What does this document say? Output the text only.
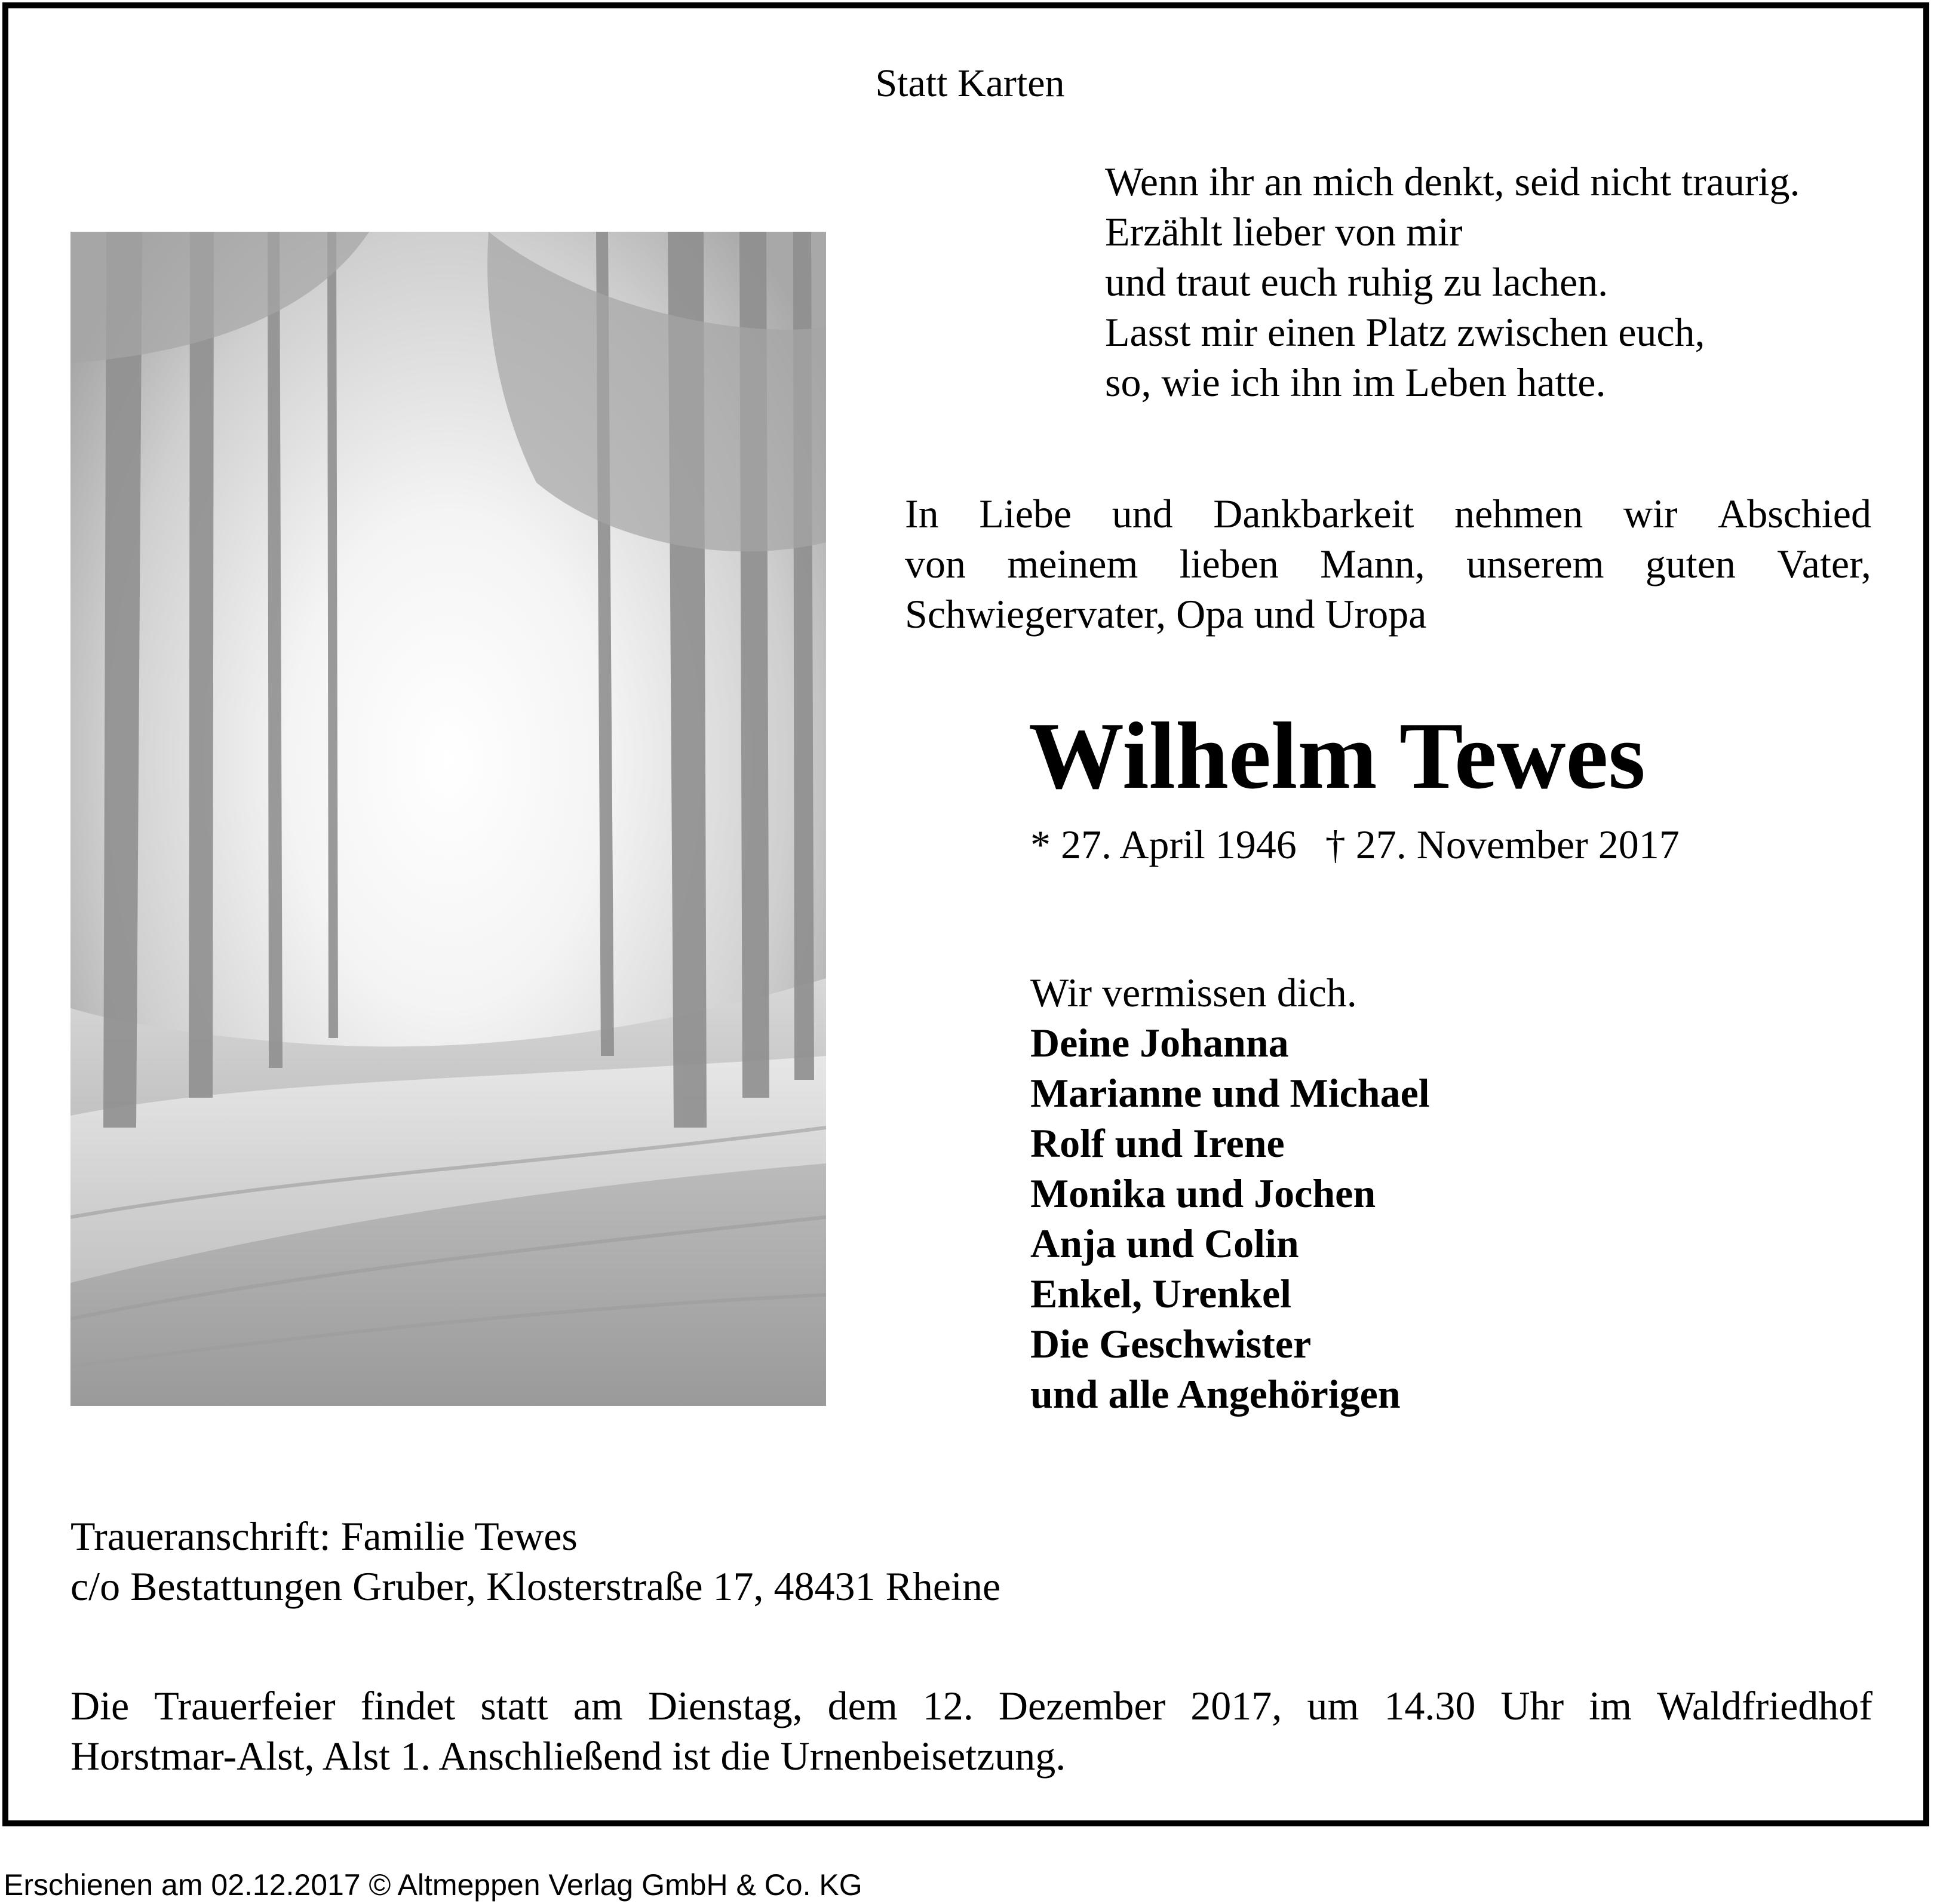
Statt Karten
Wenn ihr an mich denkt, seid nicht traurig.
Erzählt lieber von mir
und traut euch ruhig zu lachen.
Lasst mir einen Platz zwischen euch,
so, wie ich ihn im Leben hatte.
In Liebe und Dankbarkeit nehmen wir Abschied
von meinem lieben Mann, unserem guten Vater,
Schwiegervater, Opa und Uropa
Wilhelm Tewes
* 27. April 1946 † 27. November 2017
Wir vermissen dich.
Deine Johanna
Marianne und Michael
Rolf und Irene
Monika und Jochen
Anja und Colin
Enkel, Urenkel
Die Geschwister
und alle Angehörigen
Traueranschrift: Familie Tewes
c/o Bestattungen Gruber, Klosterstraße 17, 48431 Rheine
Die Trauerfeier findet statt am Dienstag, dem 12. Dezember 2017, um 14.30 Uhr im Waldfriedhof
Horstmar-Alst, Alst 1. Anschließend ist die Urnenbeisetzung.
Erschienen am 02.12.2017 © Altmeppen Verlag GmbH & Co. KG
